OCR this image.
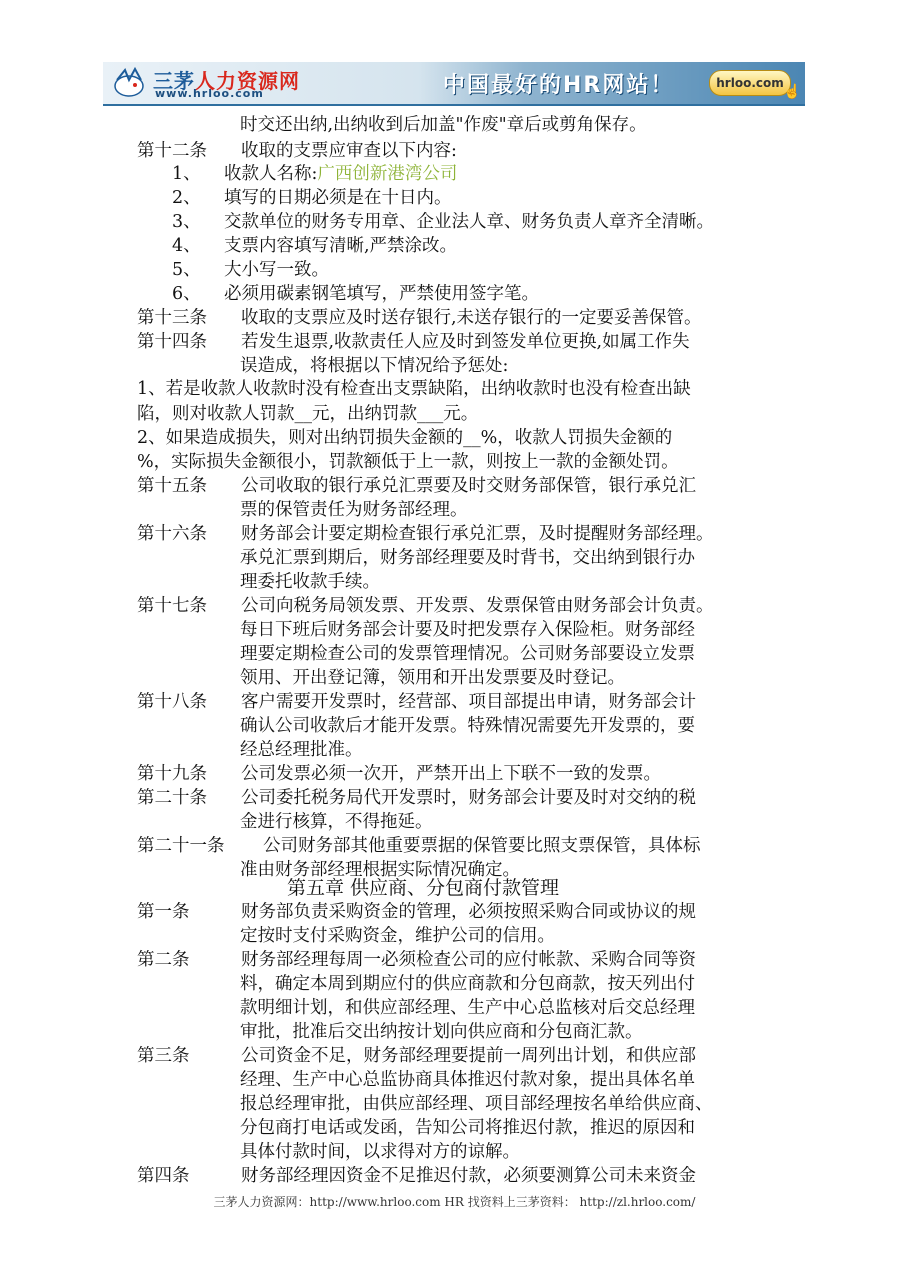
三茅人力资源网
www.hrloo.com	中国最好的HR网站！	hrloo.com
☝
时交还出纳,出纳收到后加盖"作废"章后或剪角保存。
第十二条 收取的支票应审查以下内容:
1、 收款人名称:广西创新港湾公司
2、 填写的日期必须是在十日内。
3、 交款单位的财务专用章、企业法人章、财务负责人章齐全清晰。
4、 支票内容填写清晰,严禁涂改。
5、 大小写一致。
6、 必须用碳素钢笔填写，严禁使用签字笔。
第十三条 收取的支票应及时送存银行,未送存银行的一定要妥善保管。
第十四条 若发生退票,收款责任人应及时到签发单位更换,如属工作失
误造成，将根据以下情况给予惩处:
1、若是收款人收款时没有检查出支票缺陷，出纳收款时也没有检查出缺
陷，则对收款人罚款__元，出纳罚款___元。
2、如果造成损失，则对出纳罚损失金额的__%，收款人罚损失金额的
%，实际损失金额很小，罚款额低于上一款，则按上一款的金额处罚。
第十五条 公司收取的银行承兑汇票要及时交财务部保管，银行承兑汇
票的保管责任为财务部经理。
第十六条 财务部会计要定期检查银行承兑汇票，及时提醒财务部经理。
承兑汇票到期后，财务部经理要及时背书，交出纳到银行办
理委托收款手续。
第十七条 公司向税务局领发票、开发票、发票保管由财务部会计负责。
每日下班后财务部会计要及时把发票存入保险柜。财务部经
理要定期检查公司的发票管理情况。公司财务部要设立发票
领用、开出登记簿，领用和开出发票要及时登记。
第十八条 客户需要开发票时，经营部、项目部提出申请，财务部会计
确认公司收款后才能开发票。特殊情况需要先开发票的，要
经总经理批准。
第十九条 公司发票必须一次开，严禁开出上下联不一致的发票。
第二十条 公司委托税务局代开发票时，财务部会计要及时对交纳的税
金进行核算，不得拖延。
第二十一条 公司财务部其他重要票据的保管要比照支票保管，具体标
准由财务部经理根据实际情况确定。
第五章 供应商、分包商付款管理
第一条	财务部负责采购资金的管理，必须按照采购合同或协议的规
定按时支付采购资金，维护公司的信用。
第二条	财务部经理每周一必须检查公司的应付帐款、采购合同等资
料，确定本周到期应付的供应商款和分包商款，按天列出付
款明细计划，和供应部经理、生产中心总监核对后交总经理
审批，批准后交出纳按计划向供应商和分包商汇款。
第三条	公司资金不足，财务部经理要提前一周列出计划，和供应部
经理、生产中心总监协商具体推迟付款对象，提出具体名单
报总经理审批，由供应部经理、项目部经理按名单给供应商、
分包商打电话或发函，告知公司将推迟付款，推迟的原因和
具体付款时间，以求得对方的谅解。
第四条	财务部经理因资金不足推迟付款，必须要测算公司未来资金
三茅人力资源网：http://www.hrloo.com HR 找资料上三茅资料： http://zl.hrloo.com/
